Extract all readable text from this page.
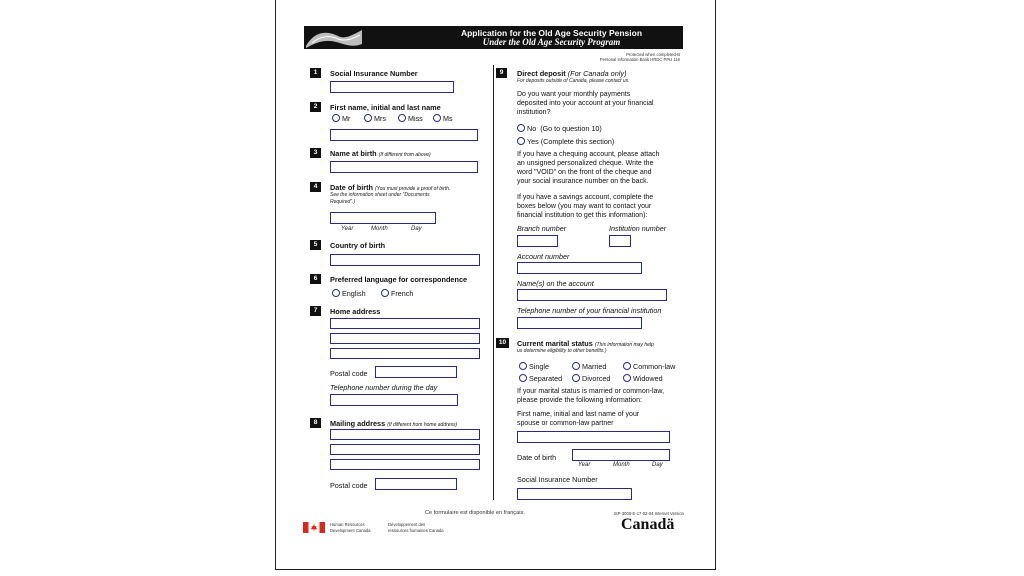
Application for the Old Age Security Pension
Under the Old Age Security Program
Protected when completed-B
Personal Information Bank HRDC PPU 116
1	Social Insurance Number
2	First name, initial and last name
Mr	Mrs	Miss	Ms
3	Name at birth (If different from above)
4	Date of birth (You must provide a proof of birth.
See the information sheet under "Documents
Required".)
Year	Month	Day
5	Country of birth
6	Preferred language for correspondence
English	French
7	Home address
Postal code
Telephone number during the day
8	Mailing address (If different from home address)
Postal code
9	Direct deposit (For Canada only)
For deposits outside of Canada, please contact us.
Do you want your monthly payments
deposited into your account at your financial
institution?
No (Go to question 10)
Yes (Complete this section)
If you have a chequing account, please attach
an unsigned personalized cheque. Write the
word "VOID" on the front of the cheque and
your social insurance number on the back.
If you have a savings account, complete the
boxes below (you may want to contact your
financial institution to get this information):
Branch number	Institution number
Account number
Name(s) on the account
Telephone number of your financial institution
10	Current marital status (This information may help
us determine eligibility to other benefits.)
Single	Married	Common-law
Separated	Divorced	Widowed
If your marital status is married or common-law,
please provide the following information:
First name, initial and last name of your
spouse or common-law partner
Date of birth
Year	Month	Day
Social Insurance Number
Ce formulaire est disponible en français.	ISP-3000-E-17-02-04 Internet Version
Human Resources
Development Canada
Développement des
ressources humaines Canada	Canadä
